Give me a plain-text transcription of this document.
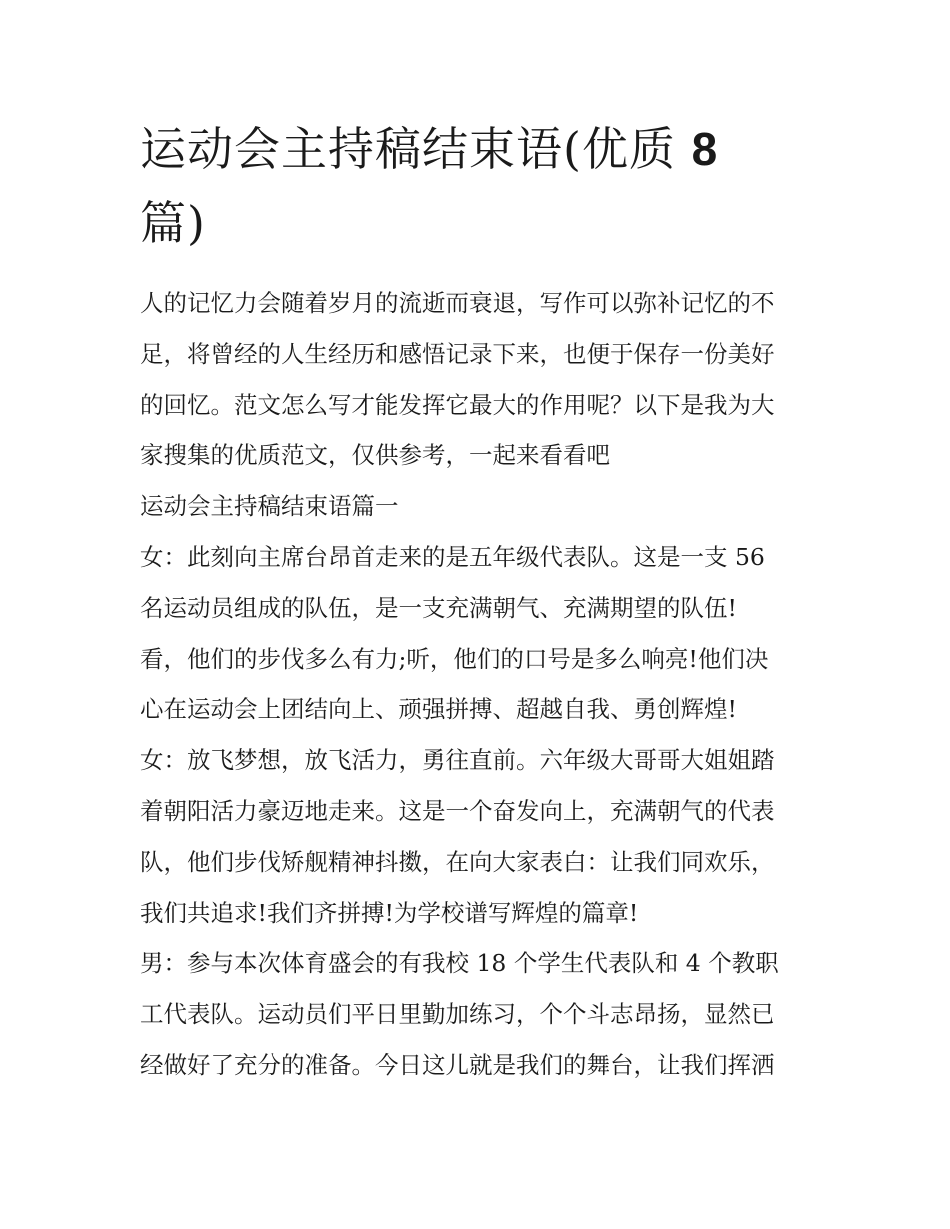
运动会主持稿结束语(优质 8
篇)

人的记忆力会随着岁月的流逝而衰退，写作可以弥补记忆的不

足，将曾经的人生经历和感悟记录下来，也便于保存一份美好

的回忆。范文怎么写才能发挥它最大的作用呢？以下是我为大

家搜集的优质范文，仅供参考，一起来看看吧

运动会主持稿结束语篇一

女：此刻向主席台昂首走来的是五年级代表队。这是一支 56

名运动员组成的队伍，是一支充满朝气、充满期望的队伍!

看，他们的步伐多么有力;听，他们的口号是多么响亮!他们决

心在运动会上团结向上、顽强拼搏、超越自我、勇创辉煌!

女：放飞梦想，放飞活力，勇往直前。六年级大哥哥大姐姐踏

着朝阳活力豪迈地走来。这是一个奋发向上，充满朝气的代表

队，他们步伐矫舰精神抖擞，在向大家表白：让我们同欢乐，

我们共追求!我们齐拼搏!为学校谱写辉煌的篇章!

男：参与本次体育盛会的有我校 18 个学生代表队和 4 个教职

工代表队。运动员们平日里勤加练习，个个斗志昂扬，显然已

经做好了充分的准备。今日这儿就是我们的舞台，让我们挥洒
